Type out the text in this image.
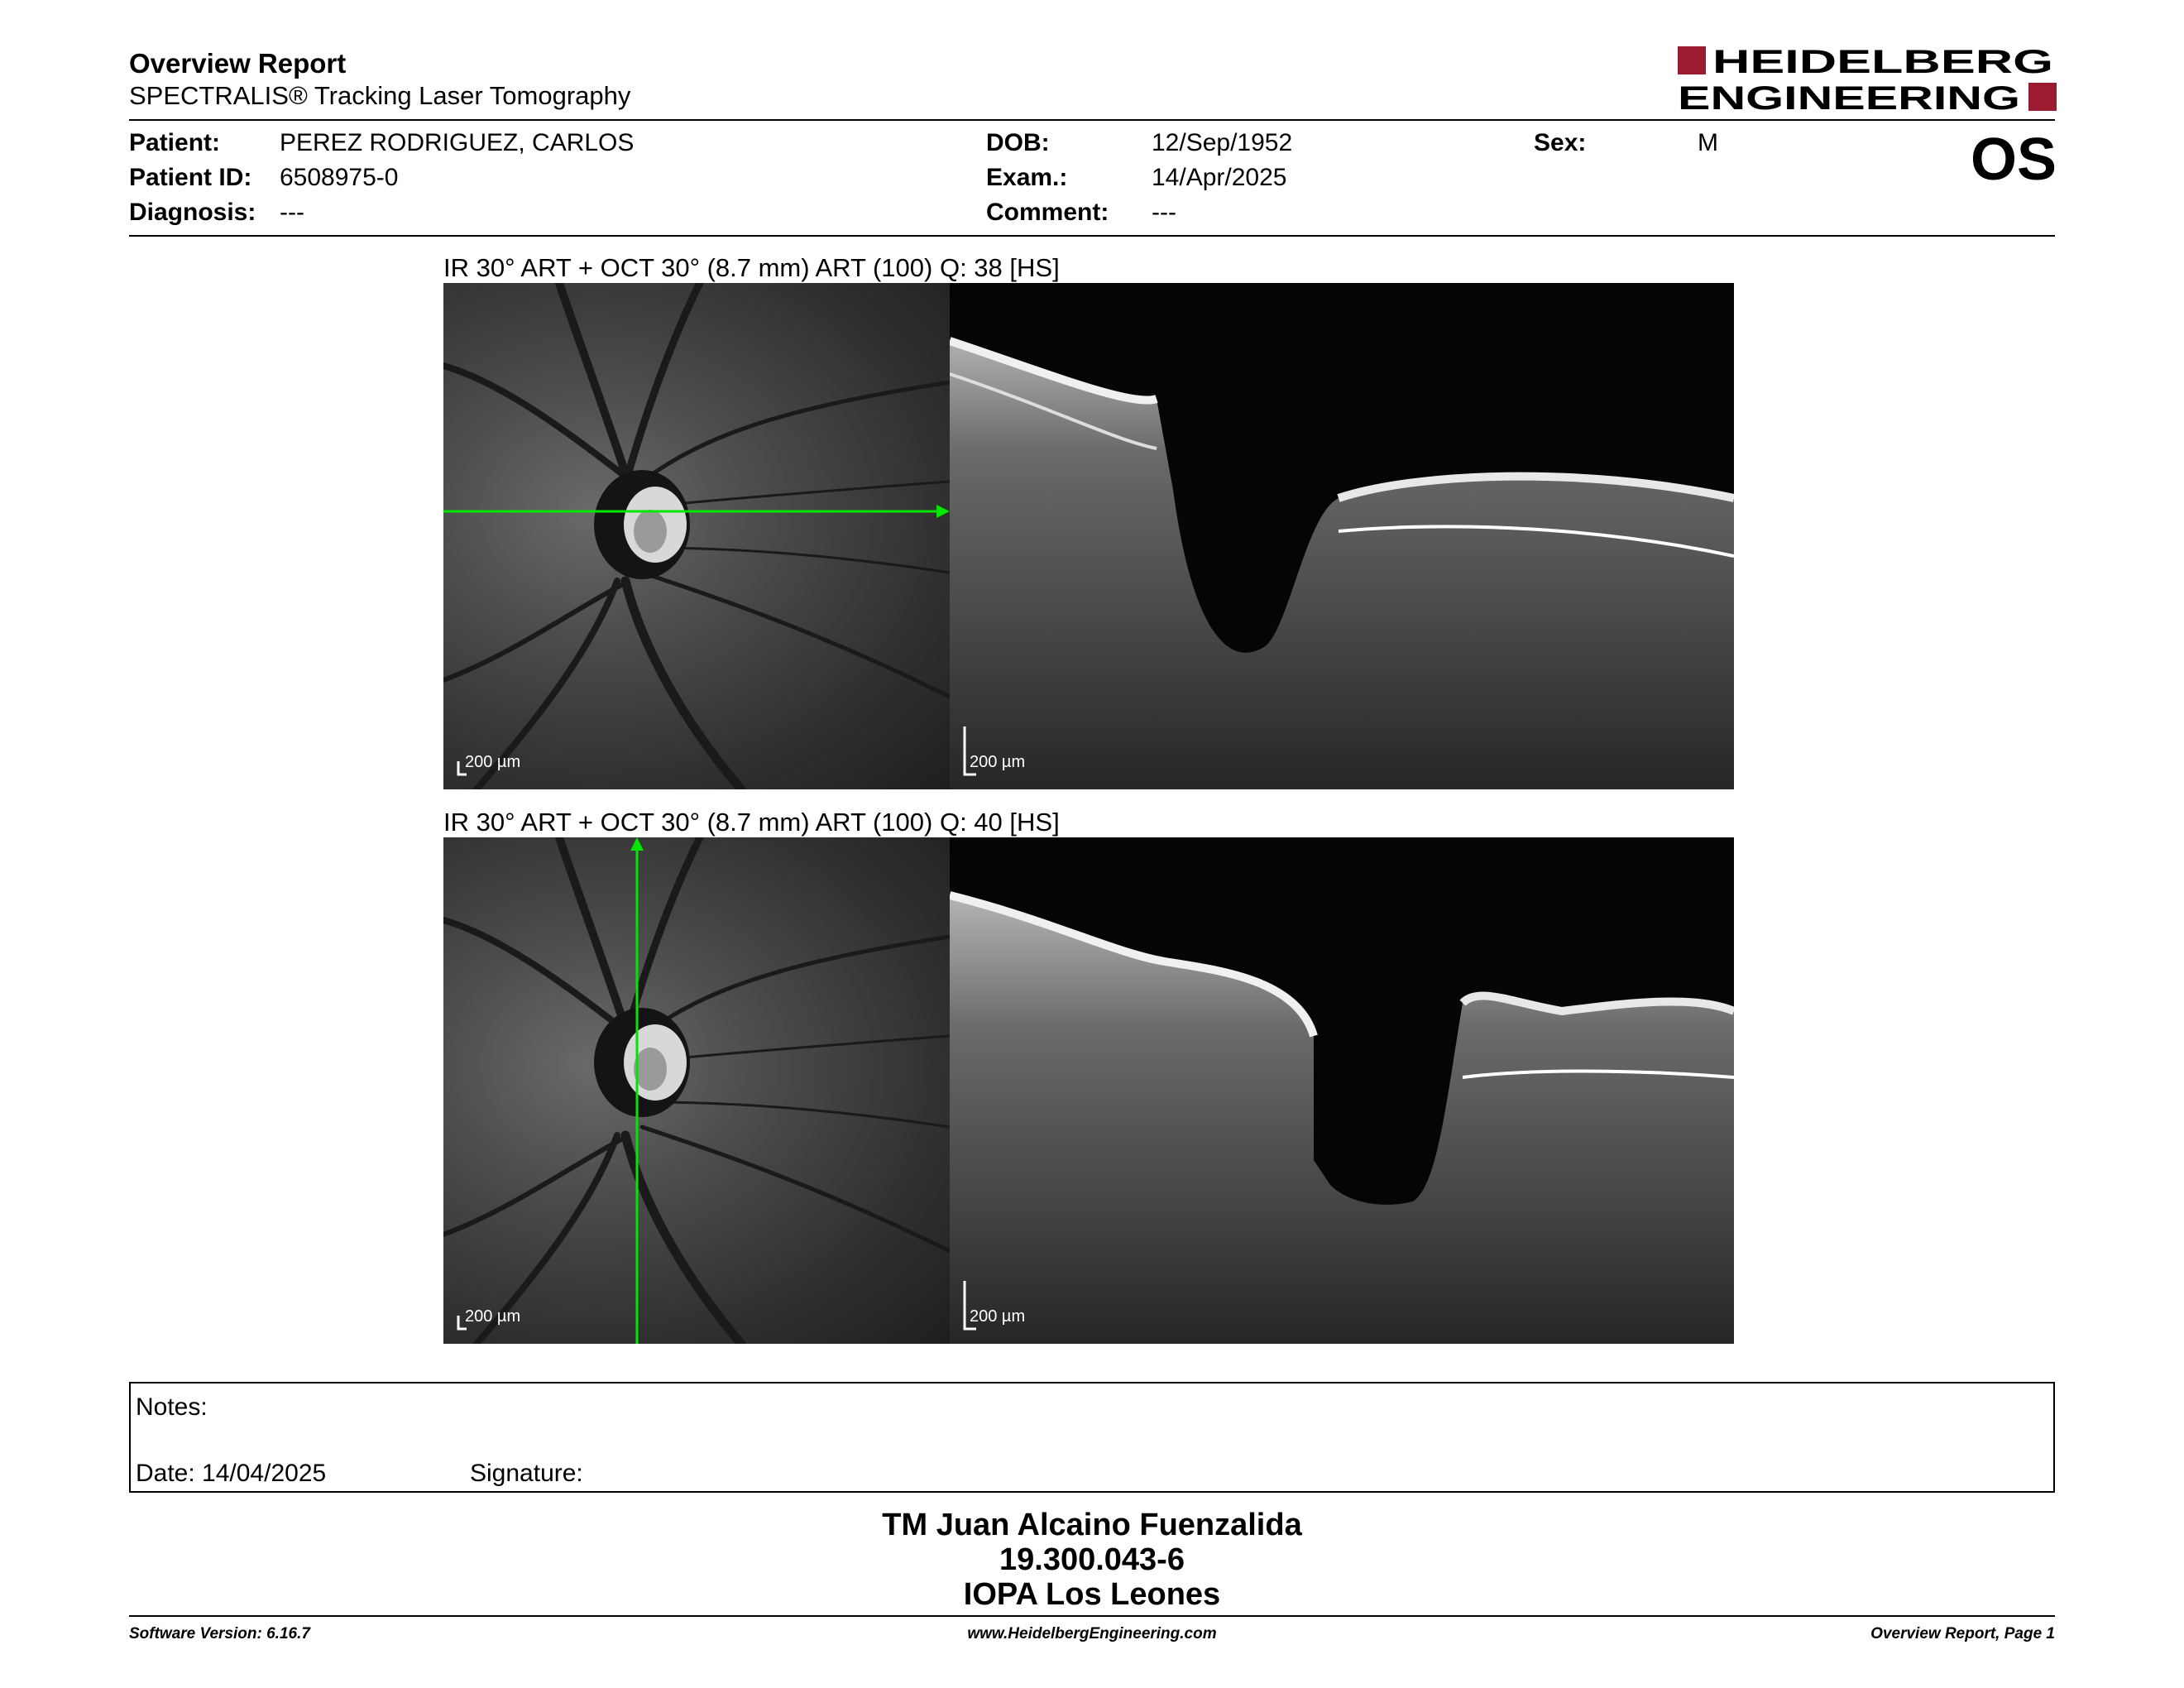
Overview Report
SPECTRALIS® Tracking Laser Tomography
HEIDELBERG
ENGINEERING
Patient: PEREZ RODRIGUEZ, CARLOS
Patient ID: 6508975-0
Diagnosis: ---
DOB:	12/Sep/1952
Exam.:	14/Apr/2025
Comment: ---
Sex:	M	OS
IR 30° ART + OCT 30° (8.7 mm) ART (100) Q: 38 [HS]
200 µm	200 µm
IR 30° ART + OCT 30° (8.7 mm) ART (100) Q: 40 [HS]
200 µm	200 µm
Notes:
Date: 14/04/2025	Signature:
TM Juan Alcaino Fuenzalida
19.300.043-6
IOPA Los Leones
Software Version: 6.16.7	www.HeidelbergEngineering.com	Overview Report, Page 1
